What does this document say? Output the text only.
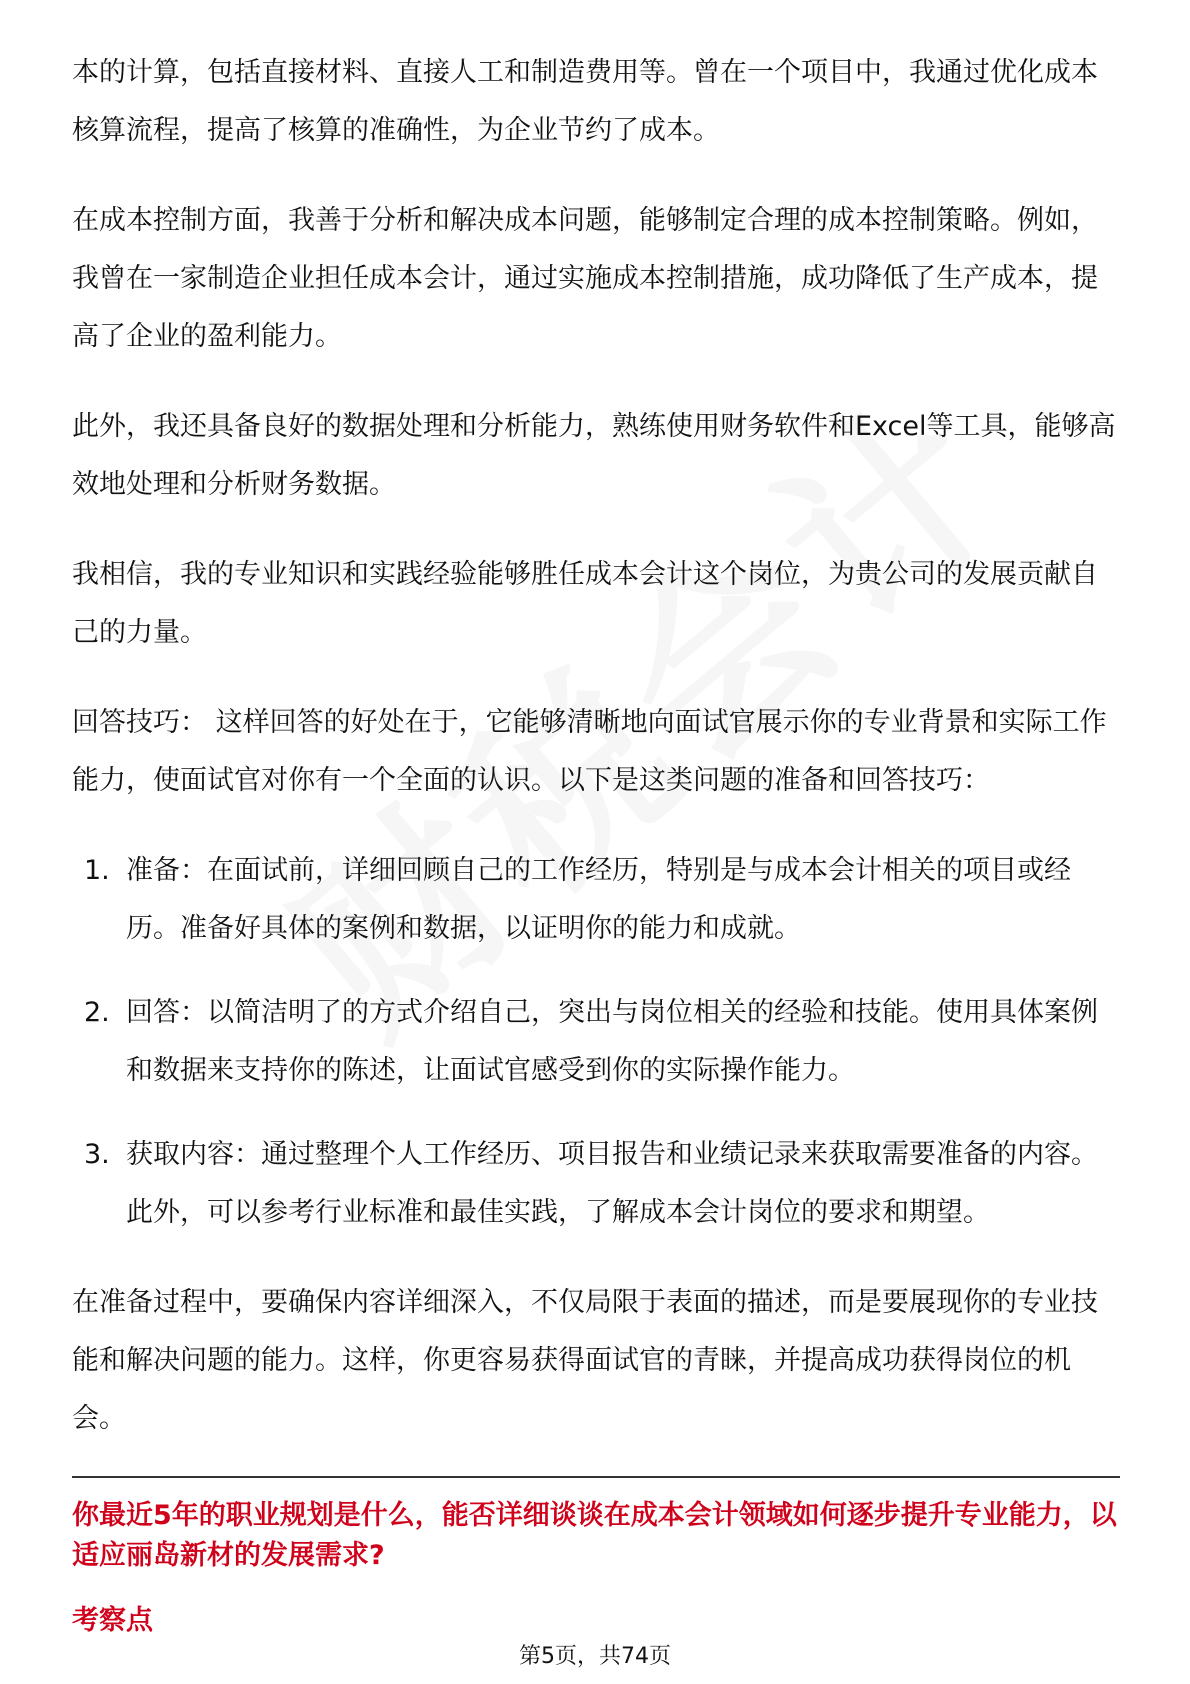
本的计算，包括直接材料、直接人工和制造费用等。曾在一个项目中，我通过优化成本核算流程，提高了核算的准确性，为企业节约了成本。

在成本控制方面，我善于分析和解决成本问题，能够制定合理的成本控制策略。例如，我曾在一家制造企业担任成本会计，通过实施成本控制措施，成功降低了生产成本，提高了企业的盈利能力。

此外，我还具备良好的数据处理和分析能力，熟练使用财务软件和Excel等工具，能够高效地处理和分析财务数据。

我相信，我的专业知识和实践经验能够胜任成本会计这个岗位，为贵公司的发展贡献自己的力量。

回答技巧： 这样回答的好处在于，它能够清晰地向面试官展示你的专业背景和实际工作能力，使面试官对你有一个全面的认识。以下是这类问题的准备和回答技巧：

1. 准备：在面试前，详细回顾自己的工作经历，特别是与成本会计相关的项目或经历。准备好具体的案例和数据，以证明你的能力和成就。
2. 回答：以简洁明了的方式介绍自己，突出与岗位相关的经验和技能。使用具体案例和数据来支持你的陈述，让面试官感受到你的实际操作能力。
3. 获取内容：通过整理个人工作经历、项目报告和业绩记录来获取需要准备的内容。此外，可以参考行业标准和最佳实践，了解成本会计岗位的要求和期望。

在准备过程中，要确保内容详细深入，不仅局限于表面的描述，而是要展现你的专业技能和解决问题的能力。这样，你更容易获得面试官的青睐，并提高成功获得岗位的机会。

你最近5年的职业规划是什么，能否详细谈谈在成本会计领域如何逐步提升专业能力，以适应丽岛新材的发展需求?
考察点
第5页，共74页
